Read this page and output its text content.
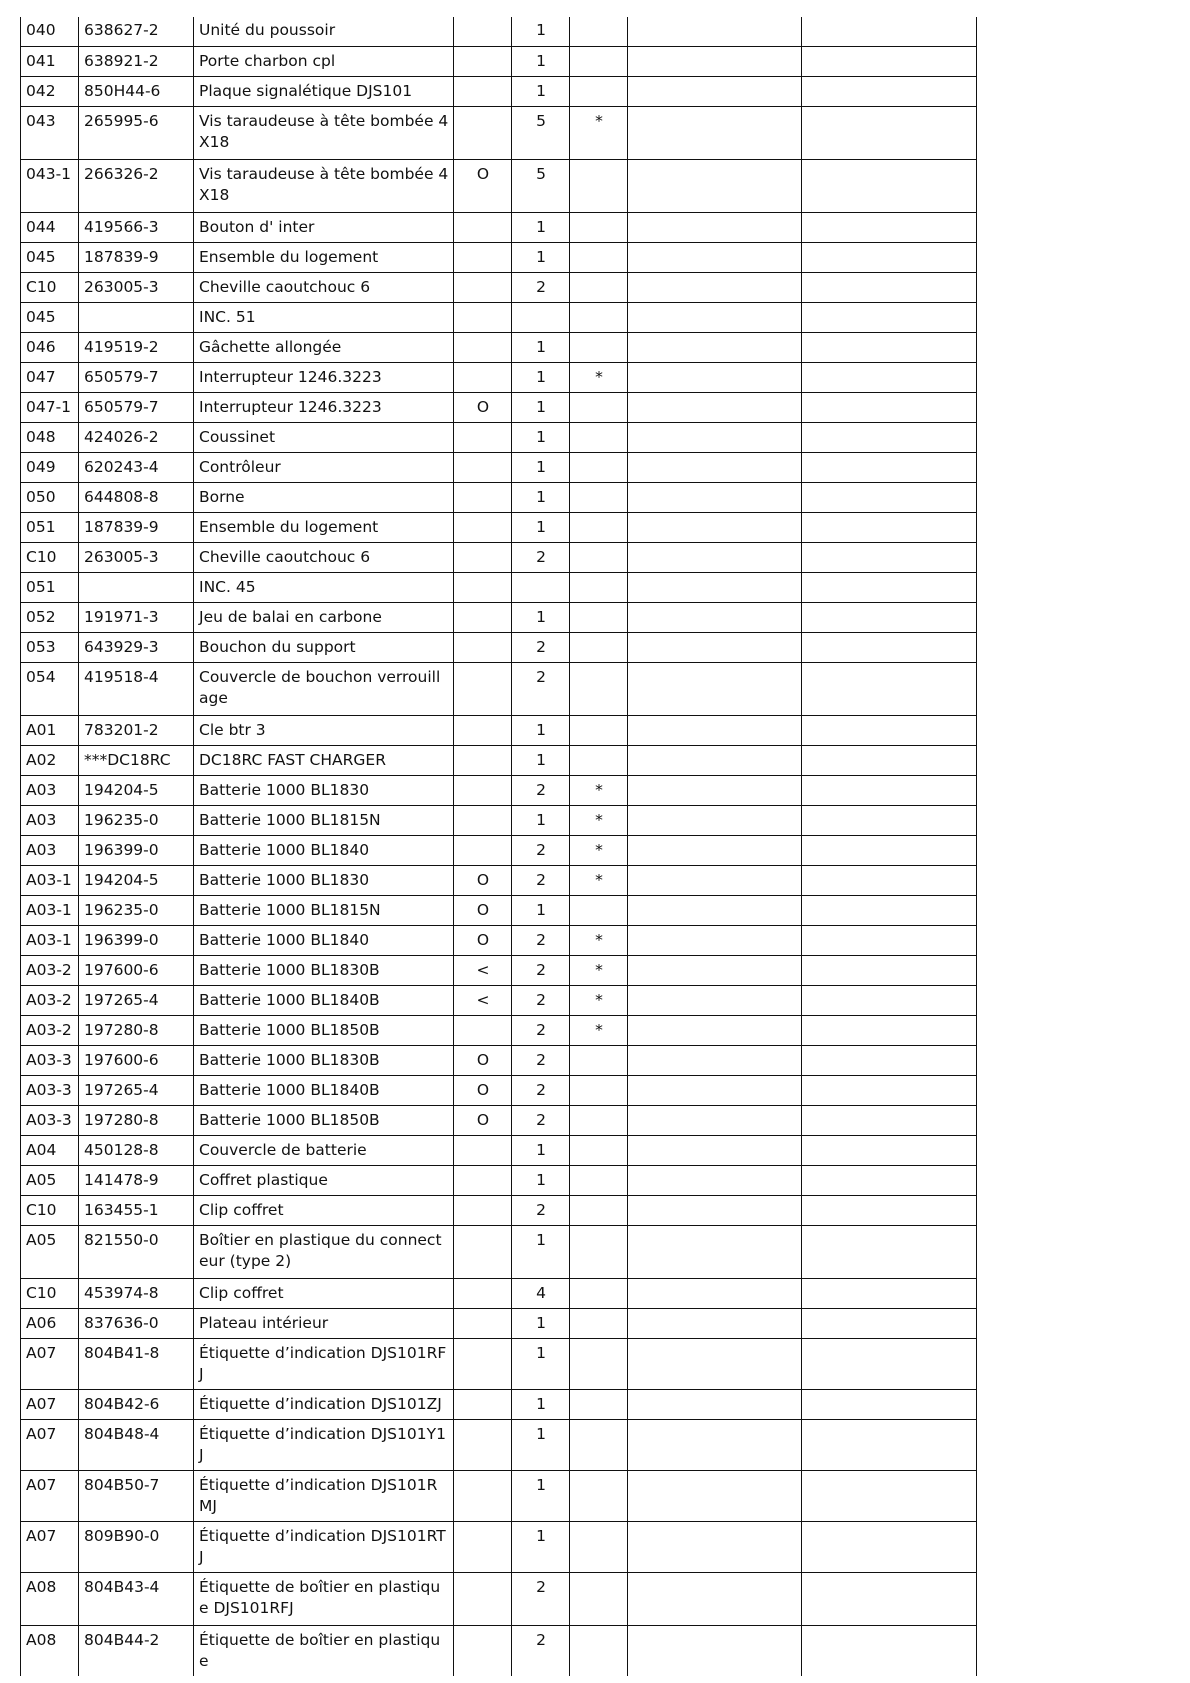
040	638627-2	Unité du poussoir		1			
041	638921-2	Porte charbon cpl		1			
042	850H44-6	Plaque signalétique DJS101		1			
043	265995-6	Vis taraudeuse à tête bombée 4X18		5	*		
043-1	266326-2	Vis taraudeuse à tête bombée 4X18	O	5			
044	419566-3	Bouton d' inter		1			
045	187839-9	Ensemble du logement		1			
C10	263005-3	Cheville caoutchouc 6		2			
045		INC. 51					
046	419519-2	Gâchette allongée		1			
047	650579-7	Interrupteur 1246.3223		1	*		
047-1	650579-7	Interrupteur 1246.3223	O	1			
048	424026-2	Coussinet		1			
049	620243-4	Contrôleur		1			
050	644808-8	Borne		1			
051	187839-9	Ensemble du logement		1			
C10	263005-3	Cheville caoutchouc 6		2			
051		INC. 45					
052	191971-3	Jeu de balai en carbone		1			
053	643929-3	Bouchon du support		2			
054	419518-4	Couvercle de bouchon verrouillage		2			
A01	783201-2	Cle btr 3		1			
A02	***DC18RC	DC18RC FAST CHARGER		1			
A03	194204-5	Batterie 1000 BL1830		2	*		
A03	196235-0	Batterie 1000 BL1815N		1	*		
A03	196399-0	Batterie 1000 BL1840		2	*		
A03-1	194204-5	Batterie 1000 BL1830	O	2	*		
A03-1	196235-0	Batterie 1000 BL1815N	O	1			
A03-1	196399-0	Batterie 1000 BL1840	O	2	*		
A03-2	197600-6	Batterie 1000 BL1830B	<	2	*		
A03-2	197265-4	Batterie 1000 BL1840B	<	2	*		
A03-2	197280-8	Batterie 1000 BL1850B		2	*		
A03-3	197600-6	Batterie 1000 BL1830B	O	2			
A03-3	197265-4	Batterie 1000 BL1840B	O	2			
A03-3	197280-8	Batterie 1000 BL1850B	O	2			
A04	450128-8	Couvercle de batterie		1			
A05	141478-9	Coffret plastique		1			
C10	163455-1	Clip coffret		2			
A05	821550-0	Boîtier en plastique du connecteur (type 2)		1			
C10	453974-8	Clip coffret		4			
A06	837636-0	Plateau intérieur		1			
A07	804B41-8	Étiquette d’indication DJS101RFJ		1			
A07	804B42-6	Étiquette d’indication DJS101ZJ		1			
A07	804B48-4	Étiquette d’indication DJS101Y1J		1			
A07	804B50-7	Étiquette d’indication DJS101RMJ		1			
A07	809B90-0	Étiquette d’indication DJS101RTJ		1			
A08	804B43-4	Étiquette de boîtier en plastique DJS101RFJ		2			
A08	804B44-2	Étiquette de boîtier en plastique		2			
